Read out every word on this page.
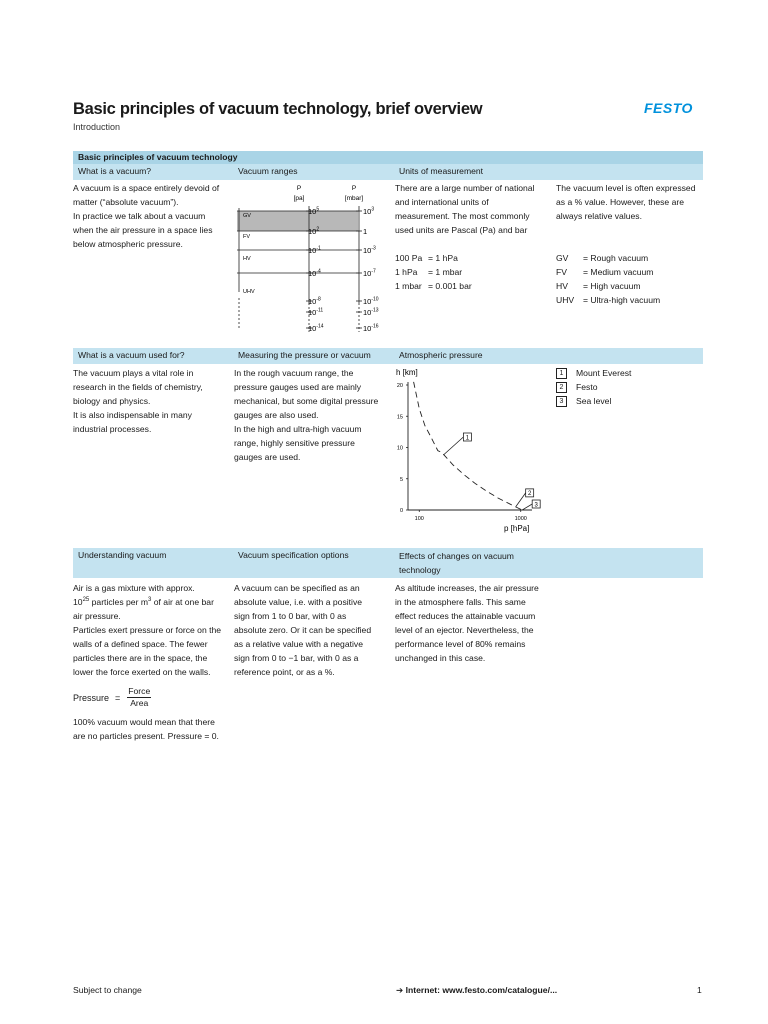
Basic principles of vacuum technology, brief overview
Introduction
FESTO
Basic principles of vacuum technology
What is a vacuum?	Vacuum ranges	Units of measurement

A vacuum is a space entirely devoid of

matter (“absolute vacuum”).

In practice we talk about a vacuum

when the air pressure in a space lies

below atmospheric pressure.

P
[pa]
P
[mbar]
GV
FV
HV
UHV
$10^5$
$10^2$
$10^{-1}$
$10^{-4}$
$10^{-8}$
$10^{-11}$
$10^{-14}$
$10^3$
1
$10^{-3}$
$10^{-7}$
$10^{-10}$
$10^{-13}$
$10^{-16}$

There are a large number of national

and international units of

measurement. The most commonly

used units are Pascal (Pa) and bar

100 Pa	= 1 hPa
1 hPa	= 1 mbar
1 mbar	= 0.001 bar

The vacuum level is often expressed

as a % value. However, these are

always relative values.

GV	= Rough vacuum
FV	= Medium vacuum
HV	= High vacuum
UHV	= Ultra-high vacuum
What is a vacuum used for?	Measuring the pressure or vacuum	Atmospheric pressure

The vacuum plays a vital role in

research in the fields of chemistry,

biology and physics.

It is also indispensable in many

industrial processes.

In the rough vacuum range, the

pressure gauges used are mainly

mechanical, but some digital pressure

gauges are also used.

In the high and ultra-high vacuum

range, highly sensitive pressure

gauges are used.

h [km]
p [hPa]
0
5
10
15
20
100	1000
1
2
3
1	Mount Everest
2	Festo
3	Sea level
Understanding vacuum	Vacuum specification options	Effects of changes on vacuum technology

Air is a gas mixture with approx.

$10^{25}$ particles per $m^3$ of air at one bar

air pressure.

Particles exert pressure or force on the

walls of a defined space. The fewer

particles there are in the space, the

lower the force exerted on the walls.

Pressure = $\frac{\text{Force}}{\text{Area}}$

100% vacuum would mean that there

are no particles present. Pressure = 0.

A vacuum can be specified as an

absolute value, i.e. with a positive

sign from 1 to 0 bar, with 0 as

absolute zero. Or it can be specified

as a relative value with a negative

sign from 0 to −1 bar, with 0 as a

reference point, or as a %.

As altitude increases, the air pressure

in the atmosphere falls. This same

effect reduces the attainable vacuum

level of an ejector. Nevertheless, the

performance level of 80% remains

unchanged in this case.

Subject to change	➔ Internet: www.festo.com/catalogue/...	1
